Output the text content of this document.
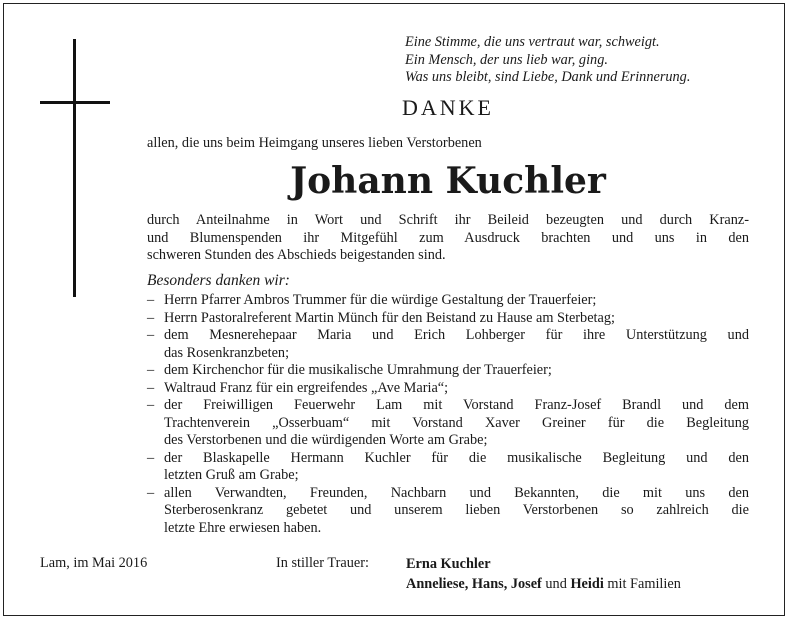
Eine Stimme, die uns vertraut war, schweigt.
Ein Mensch, der uns lieb war, ging.
Was uns bleibt, sind Liebe, Dank und Erinnerung.
DANKE
allen, die uns beim Heimgang unseres lieben Verstorbenen
Johann Kuchler
durch Anteilnahme in Wort und Schrift ihr Beileid bezeugten und durch Kranz-
und Blumenspenden ihr Mitgefühl zum Ausdruck brachten und uns in den
schweren Stunden des Abschieds beigestanden sind.
Besonders danken wir:
– Herrn Pfarrer Ambros Trummer für die würdige Gestaltung der Trauerfeier;
– Herrn Pastoralreferent Martin Münch für den Beistand zu Hause am Sterbetag;
– dem Mesnerehepaar Maria und Erich Lohberger für ihre Unterstützung und
das Rosenkranzbeten;
– dem Kirchenchor für die musikalische Umrahmung der Trauerfeier;
– Waltraud Franz für ein ergreifendes „Ave Maria“;
– der Freiwilligen Feuerwehr Lam mit Vorstand Franz-Josef Brandl und dem
Trachtenverein „Osserbuam“ mit Vorstand Xaver Greiner für die Begleitung
des Verstorbenen und die würdigenden Worte am Grabe;
– der Blaskapelle Hermann Kuchler für die musikalische Begleitung und den
letzten Gruß am Grabe;
– allen Verwandten, Freunden, Nachbarn und Bekannten, die mit uns den
Sterberosenkranz gebetet und unserem lieben Verstorbenen so zahlreich die
letzte Ehre erwiesen haben.
Lam, im Mai 2016	In stiller Trauer:	Erna Kuchler
Anneliese, Hans, Josef und Heidi mit Familien
